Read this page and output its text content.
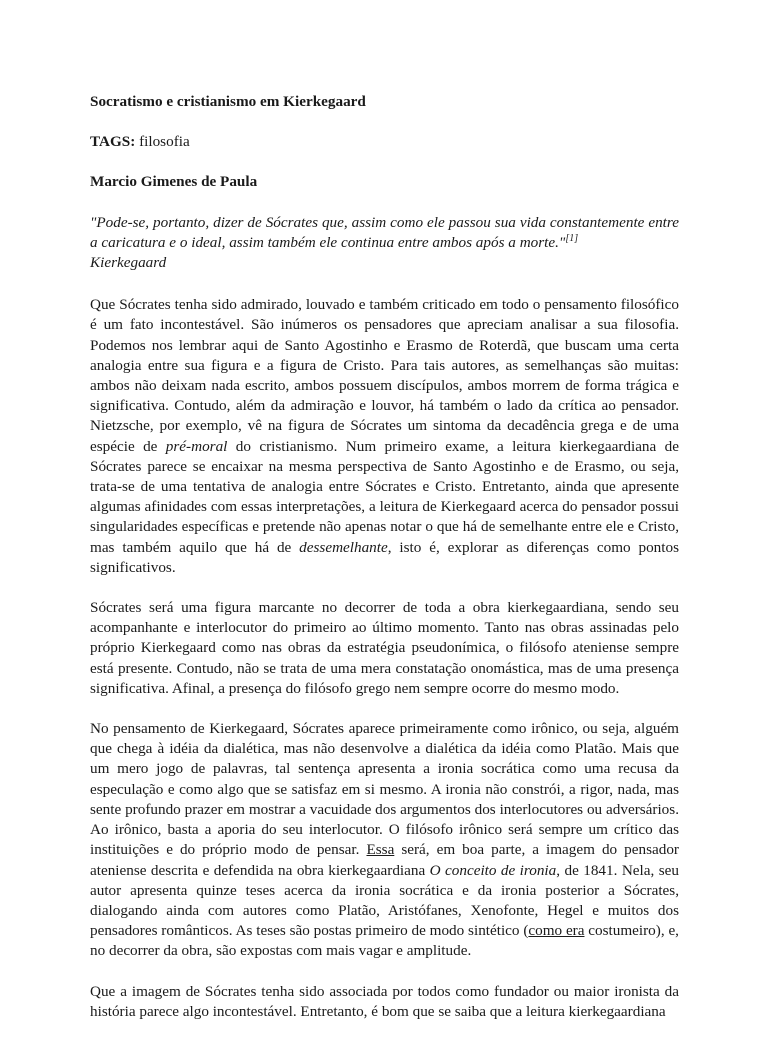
Socratismo e cristianismo em Kierkegaard
TAGS: filosofia
Marcio Gimenes de Paula
"Pode-se, portanto, dizer de Sócrates que, assim como ele passou sua vida constantemente entre a caricatura e o ideal, assim também ele continua entre ambos após a morte."[1]
Kierkegaard

Que Sócrates tenha sido admirado, louvado e também criticado em todo o pensamento filosófico é um fato incontestável. São inúmeros os pensadores que apreciam analisar a sua filosofia. Podemos nos lembrar aqui de Santo Agostinho e Erasmo de Roterdã, que buscam uma certa analogia entre sua figura e a figura de Cristo. Para tais autores, as semelhanças são muitas: ambos não deixam nada escrito, ambos possuem discípulos, ambos morrem de forma trágica e significativa. Contudo, além da admiração e louvor, há também o lado da crítica ao pensador. Nietzsche, por exemplo, vê na figura de Sócrates um sintoma da decadência grega e de uma espécie de pré-moral do cristianismo. Num primeiro exame, a leitura kierkegaardiana de Sócrates parece se encaixar na mesma perspectiva de Santo Agostinho e de Erasmo, ou seja, trata-se de uma tentativa de analogia entre Sócrates e Cristo. Entretanto, ainda que apresente algumas afinidades com essas interpretações, a leitura de Kierkegaard acerca do pensador possui singularidades específicas e pretende não apenas notar o que há de semelhante entre ele e Cristo, mas também aquilo que há de dessemelhante, isto é, explorar as diferenças como pontos significativos.

Sócrates será uma figura marcante no decorrer de toda a obra kierkegaardiana, sendo seu acompanhante e interlocutor do primeiro ao último momento. Tanto nas obras assinadas pelo próprio Kierkegaard como nas obras da estratégia pseudonímica, o filósofo ateniense sempre está presente. Contudo, não se trata de uma mera constatação onomástica, mas de uma presença significativa. Afinal, a presença do filósofo grego nem sempre ocorre do mesmo modo.

No pensamento de Kierkegaard, Sócrates aparece primeiramente como irônico, ou seja, alguém que chega à idéia da dialética, mas não desenvolve a dialética da idéia como Platão. Mais que um mero jogo de palavras, tal sentença apresenta a ironia socrática como uma recusa da especulação e como algo que se satisfaz em si mesmo. A ironia não constrói, a rigor, nada, mas sente profundo prazer em mostrar a vacuidade dos argumentos dos interlocutores ou adversários. Ao irônico, basta a aporia do seu interlocutor. O filósofo irônico será sempre um crítico das instituições e do próprio modo de pensar. Essa será, em boa parte, a imagem do pensador ateniense descrita e defendida na obra kierkegaardiana O conceito de ironia, de 1841. Nela, seu autor apresenta quinze teses acerca da ironia socrática e da ironia posterior a Sócrates, dialogando ainda com autores como Platão, Aristófanes, Xenofonte, Hegel e muitos dos pensadores românticos. As teses são postas primeiro de modo sintético (como era costumeiro), e, no decorrer da obra, são expostas com mais vagar e amplitude.

Que a imagem de Sócrates tenha sido associada por todos como fundador ou maior ironista da história parece algo incontestável. Entretanto, é bom que se saiba que a leitura kierkegaardiana
